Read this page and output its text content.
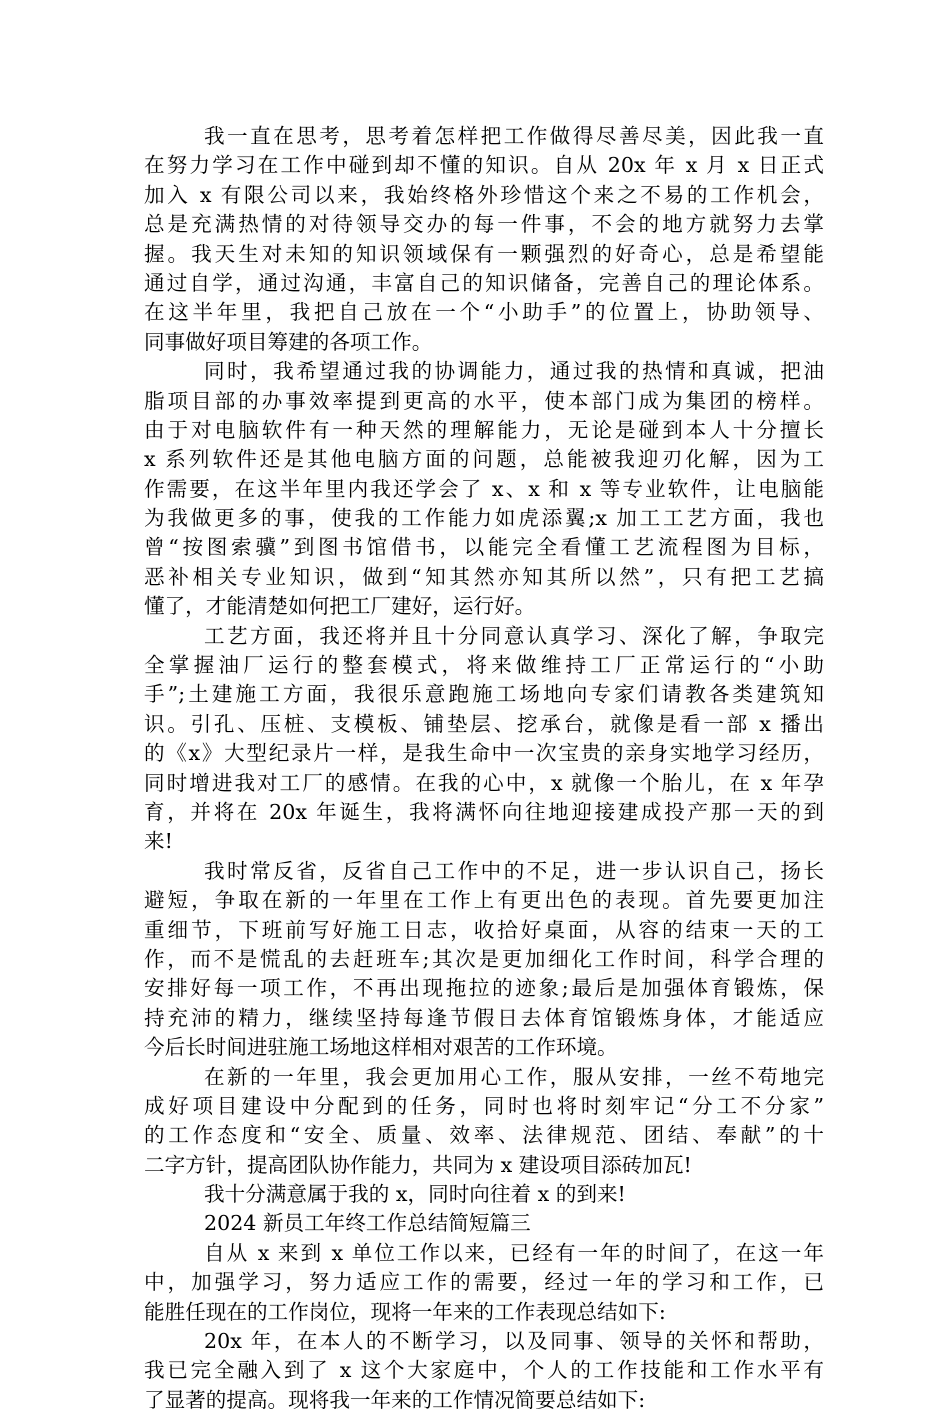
我一直在思考，思考着怎样把工作做得尽善尽美，因此我一直
在努力学习在工作中碰到却不懂的知识。自从 20x 年 x 月 x 日正式
加入 x 有限公司以来，我始终格外珍惜这个来之不易的工作机会，
总是充满热情的对待领导交办的每一件事，不会的地方就努力去掌
握。我天生对未知的知识领域保有一颗强烈的好奇心，总是希望能
通过自学，通过沟通，丰富自己的知识储备，完善自己的理论体系。
在这半年里，我把自己放在一个“小助手”的位置上，协助领导、
同事做好项目筹建的各项工作。
同时，我希望通过我的协调能力，通过我的热情和真诚，把油
脂项目部的办事效率提到更高的水平，使本部门成为集团的榜样。
由于对电脑软件有一种天然的理解能力，无论是碰到本人十分擅长
x 系列软件还是其他电脑方面的问题，总能被我迎刃化解，因为工
作需要，在这半年里内我还学会了 x、x 和 x 等专业软件，让电脑能
为我做更多的事，使我的工作能力如虎添翼;x 加工工艺方面，我也
曾“按图索骥”到图书馆借书，以能完全看懂工艺流程图为目标，
恶补相关专业知识，做到“知其然亦知其所以然”，只有把工艺搞
懂了，才能清楚如何把工厂建好，运行好。
工艺方面，我还将并且十分同意认真学习、深化了解，争取完
全掌握油厂运行的整套模式，将来做维持工厂正常运行的“小助
手”;土建施工方面，我很乐意跑施工场地向专家们请教各类建筑知
识。引孔、压桩、支模板、铺垫层、挖承台，就像是看一部 x 播出
的《x》大型纪录片一样，是我生命中一次宝贵的亲身实地学习经历，
同时增进我对工厂的感情。在我的心中，x 就像一个胎儿，在 x 年孕
育，并将在 20x 年诞生，我将满怀向往地迎接建成投产那一天的到
来!
我时常反省，反省自己工作中的不足，进一步认识自己，扬长
避短，争取在新的一年里在工作上有更出色的表现。首先要更加注
重细节，下班前写好施工日志，收拾好桌面，从容的结束一天的工
作，而不是慌乱的去赶班车;其次是更加细化工作时间，科学合理的
安排好每一项工作，不再出现拖拉的迹象;最后是加强体育锻炼，保
持充沛的精力，继续坚持每逢节假日去体育馆锻炼身体，才能适应
今后长时间进驻施工场地这样相对艰苦的工作环境。
在新的一年里，我会更加用心工作，服从安排，一丝不苟地完
成好项目建设中分配到的任务，同时也将时刻牢记“分工不分家”
的工作态度和“安全、质量、效率、法律规范、团结、奉献”的十
二字方针，提高团队协作能力，共同为 x 建设项目添砖加瓦!
我十分满意属于我的 x，同时向往着 x 的到来!
2024 新员工年终工作总结简短篇三
自从 x 来到 x 单位工作以来，已经有一年的时间了，在这一年
中，加强学习，努力适应工作的需要，经过一年的学习和工作，已
能胜任现在的工作岗位，现将一年来的工作表现总结如下:
20x 年，在本人的不断学习，以及同事、领导的关怀和帮助，
我已完全融入到了 x 这个大家庭中，个人的工作技能和工作水平有
了显著的提高。现将我一年来的工作情况简要总结如下:
